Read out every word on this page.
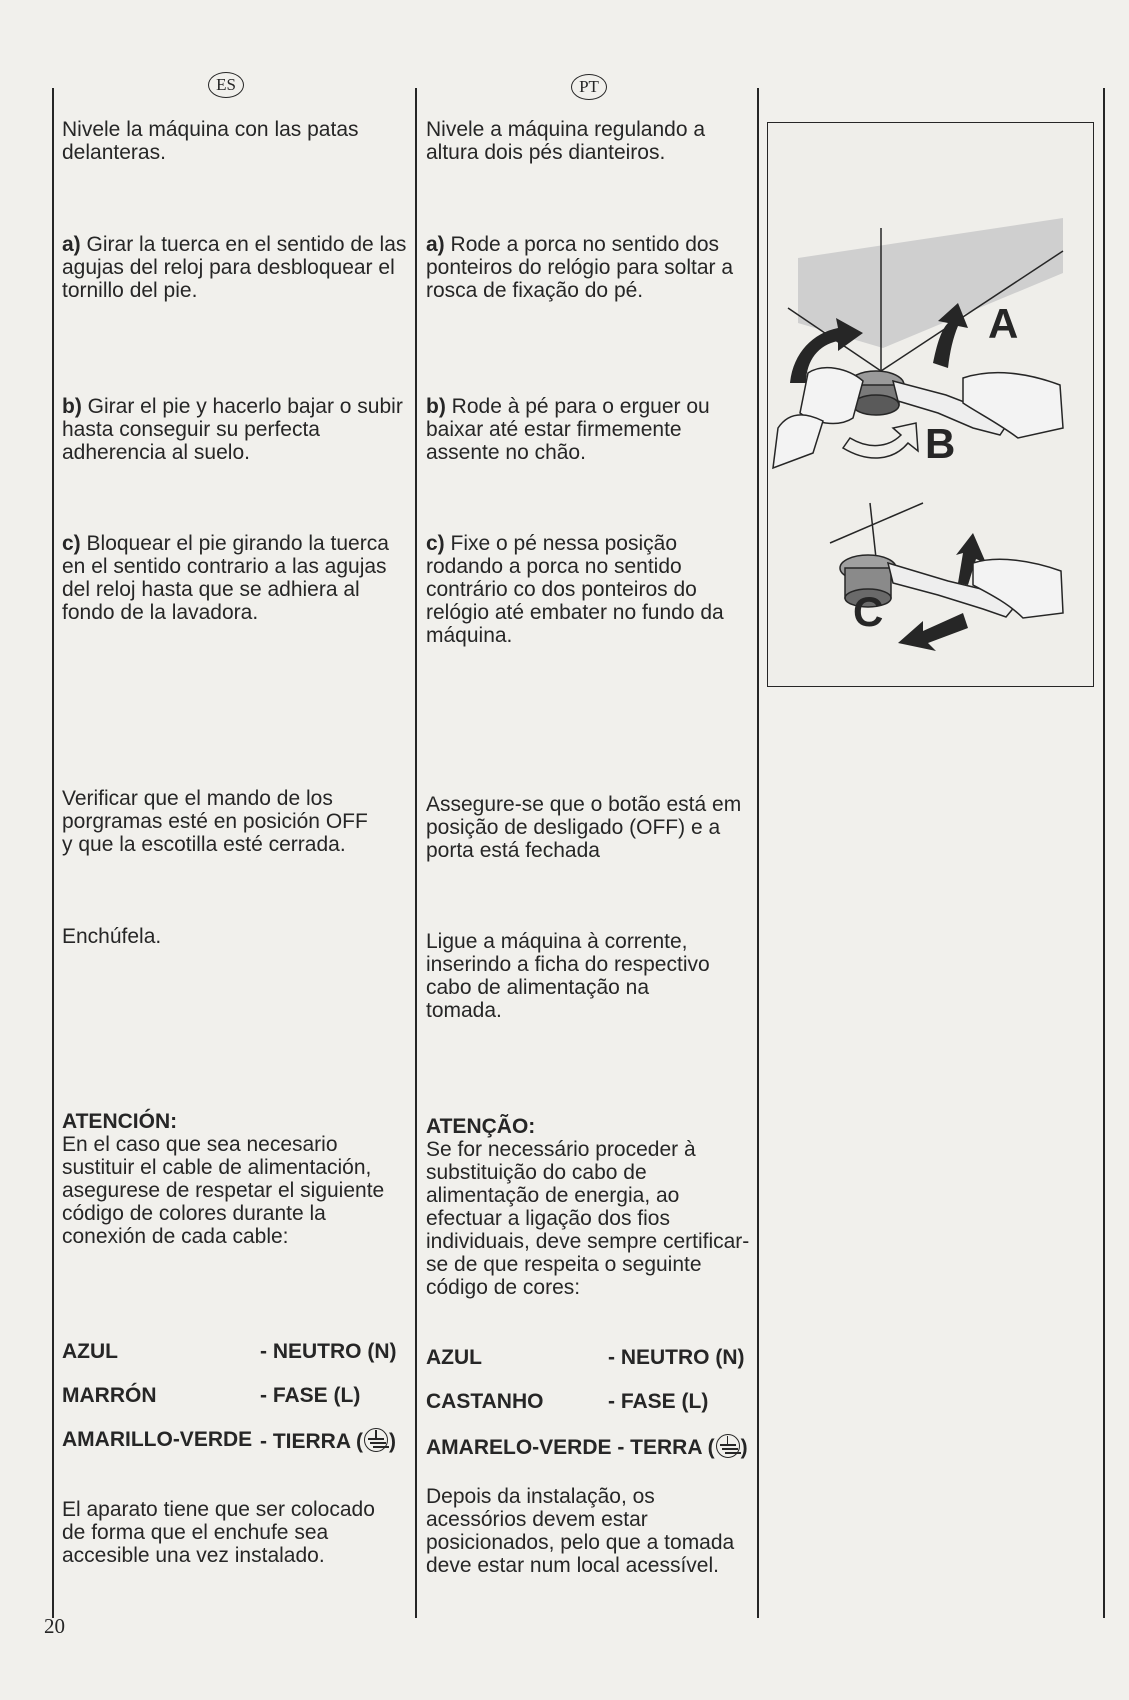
ES

Nivele la máquina con las patas delanteras.

a) Girar la tuerca en el sentido de las agujas del reloj para desbloquear el tornillo del pie.

b) Girar el pie y hacerlo bajar o subir hasta conseguir su perfecta adherencia al suelo.

c) Bloquear el pie girando la tuerca en el sentido contrario a las agujas del reloj hasta que se adhiera al fondo de la lavadora.

Verificar que el mando de los porgramas esté en posición OFF y que la escotilla esté cerrada.

Enchúfela.

ATENCIÓN:

En el caso que sea necesario sustituir el cable de alimentación, asegurese de respetar el siguiente código de colores durante la conexión de cada cable:

AZUL	- NEUTRO (N)
MARRÓN	- FASE (L)
AMARILLO-VERDE - TIERRA ( )

El aparato tiene que ser colocado de forma que el enchufe sea accesible una vez instalado.

PT

Nivele a máquina regulando a altura dois pés dianteiros.

a) Rode a porca no sentido dos ponteiros do relógio para soltar a rosca de fixação do pé.

b) Rode à pé para o erguer ou baixar até estar firmemente assente no chão.

c) Fixe o pé nessa posição rodando a porca no sentido contrário co dos ponteiros do relógio até embater no fundo da máquina.

Assegure-se que o botão está em posição de desligado (OFF) e a porta está fechada

Ligue a máquina à corrente, inserindo a ficha do respectivo cabo de alimentação na tomada.

ATENÇÃO:

Se for necessário proceder à substituição do cabo de alimentação de energia, ao efectuar a ligação dos fios individuais, deve sempre certificar-se de que respeita o seguinte código de cores:

AZUL	- NEUTRO (N)
CASTANHO	- FASE (L)
AMARELO-VERDE - TERRA ( )

Depois da instalação, os acessórios devem estar posicionados, pelo que a tomada deve estar num local acessível.

A
B
C
20
